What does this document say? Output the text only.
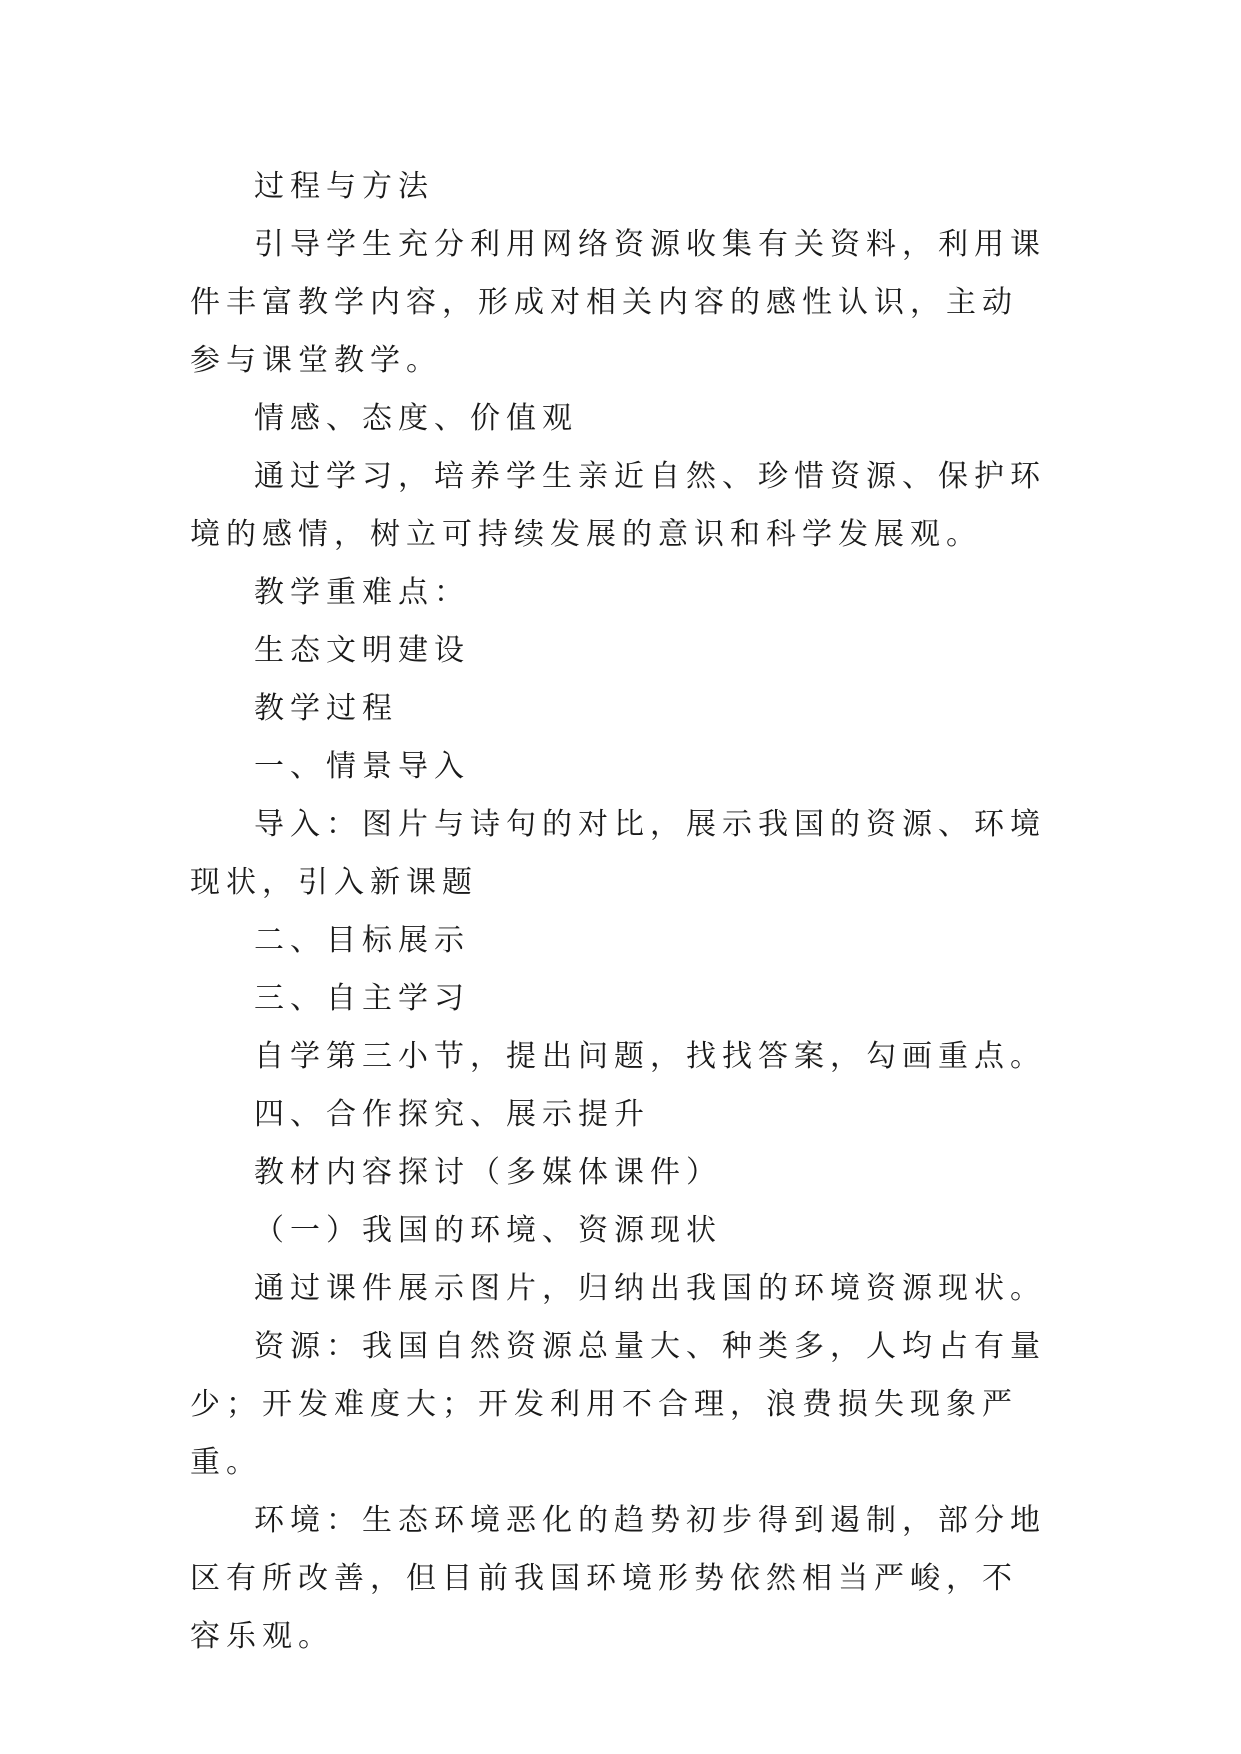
过程与方法

引导学生充分利用网络资源收集有关资料，利用课件丰富教学内容，形成对相关内容的感性认识，主动参与课堂教学。

情感、态度、价值观

通过学习，培养学生亲近自然、珍惜资源、保护环境的感情，树立可持续发展的意识和科学发展观。

教学重难点：

生态文明建设

教学过程

一、情景导入

导入：图片与诗句的对比，展示我国的资源、环境现状，引入新课题

二、目标展示

三、自主学习

自学第三小节，提出问题，找找答案，勾画重点。

四、合作探究、展示提升

教材内容探讨（多媒体课件）

（一）我国的环境、资源现状

通过课件展示图片，归纳出我国的环境资源现状。

资源：我国自然资源总量大、种类多，人均占有量少；开发难度大；开发利用不合理，浪费损失现象严重。

环境：生态环境恶化的趋势初步得到遏制，部分地区有所改善，但目前我国环境形势依然相当严峻，不容乐观。
